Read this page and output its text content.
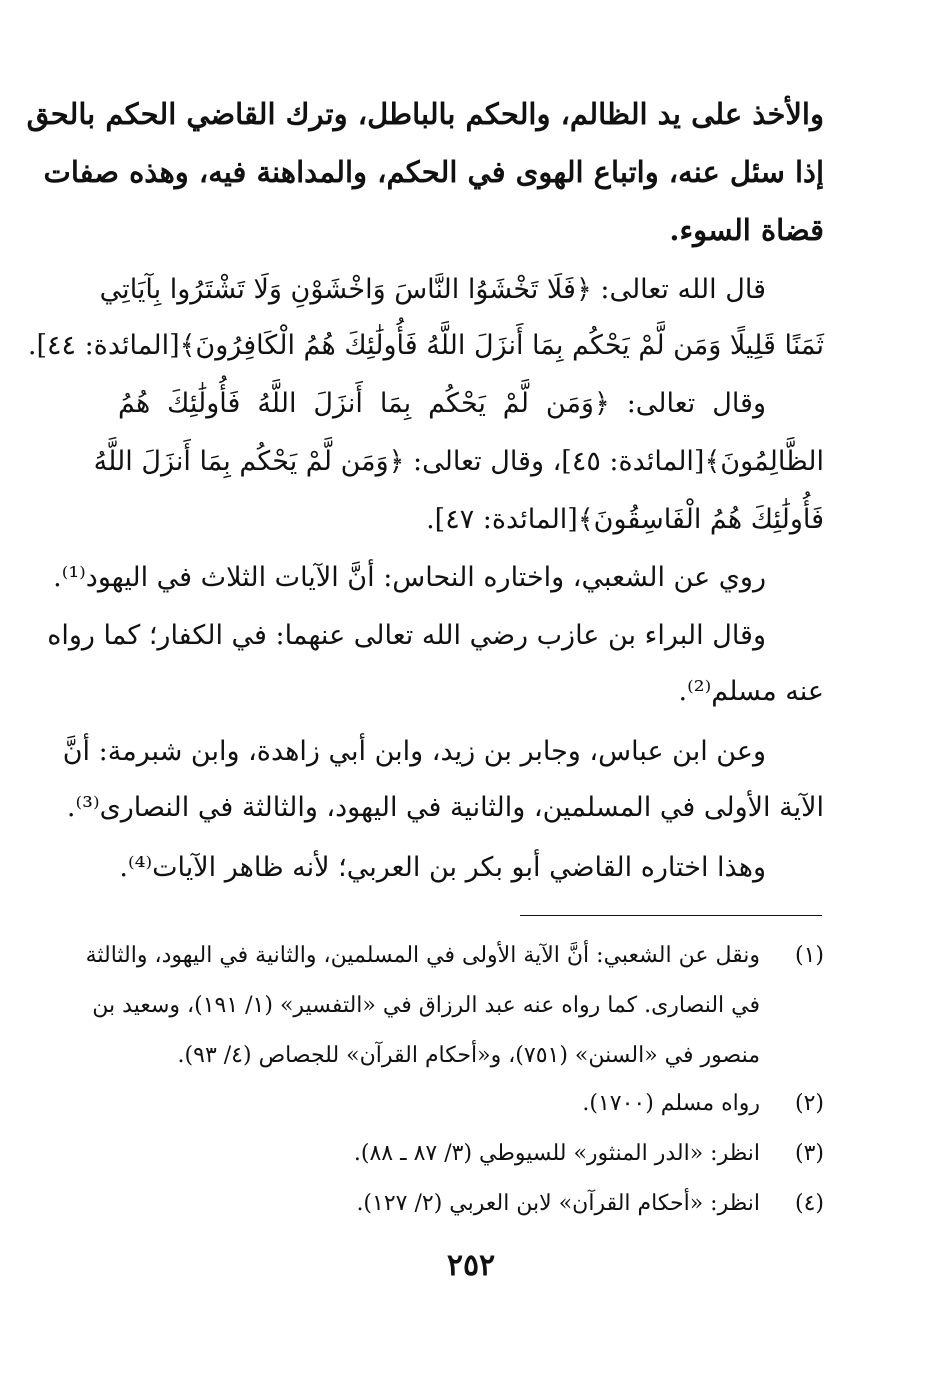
والأخذ على يد الظالم، والحكم بالباطل، وترك القاضي الحكم بالحق
إذا سئل عنه، واتباع الهوى في الحكم، والمداهنة فيه، وهذه صفات
قضاة السوء.
قال الله تعالى: ﴿فَلَا تَخْشَوُا النَّاسَ وَاخْشَوْنِ وَلَا تَشْتَرُوا بِآيَاتِي
ثَمَنًا قَلِيلًا وَمَن لَّمْ يَحْكُم بِمَا أَنزَلَ اللَّهُ فَأُولَٰئِكَ هُمُ الْكَافِرُونَ﴾[المائدة: ٤٤].
وقال تعالى: ﴿وَمَن لَّمْ يَحْكُم بِمَا أَنزَلَ اللَّهُ فَأُولَٰئِكَ هُمُ
الظَّالِمُونَ﴾[المائدة: ٤٥]، وقال تعالى: ﴿وَمَن لَّمْ يَحْكُم بِمَا أَنزَلَ اللَّهُ
فَأُولَٰئِكَ هُمُ الْفَاسِقُونَ﴾[المائدة: ٤٧].
روي عن الشعبي، واختاره النحاس: أنَّ الآيات الثلاث في اليهود⁽¹⁾.
وقال البراء بن عازب رضي الله تعالى عنهما: في الكفار؛ كما رواه
عنه مسلم⁽²⁾.
وعن ابن عباس، وجابر بن زيد، وابن أبي زاهدة، وابن شبرمة: أنَّ
الآية الأولى في المسلمين، والثانية في اليهود، والثالثة في النصارى⁽³⁾.
وهذا اختاره القاضي أبو بكر بن العربي؛ لأنه ظاهر الآيات⁽⁴⁾.
(١)
ونقل عن الشعبي: أنَّ الآية الأولى في المسلمين، والثانية في اليهود، والثالثة
في النصارى. كما رواه عنه عبد الرزاق في «التفسير» (١/ ١٩١)، وسعيد بن
منصور في «السنن» (٧٥١)، و«أحكام القرآن» للجصاص (٤/ ٩٣).
(٢)
رواه مسلم (١٧٠٠).
(٣)
انظر: «الدر المنثور» للسيوطي (٣/ ٨٧ ـ ٨٨).
(٤)
انظر: «أحكام القرآن» لابن العربي (٢/ ١٢٧).
٢٥٢
